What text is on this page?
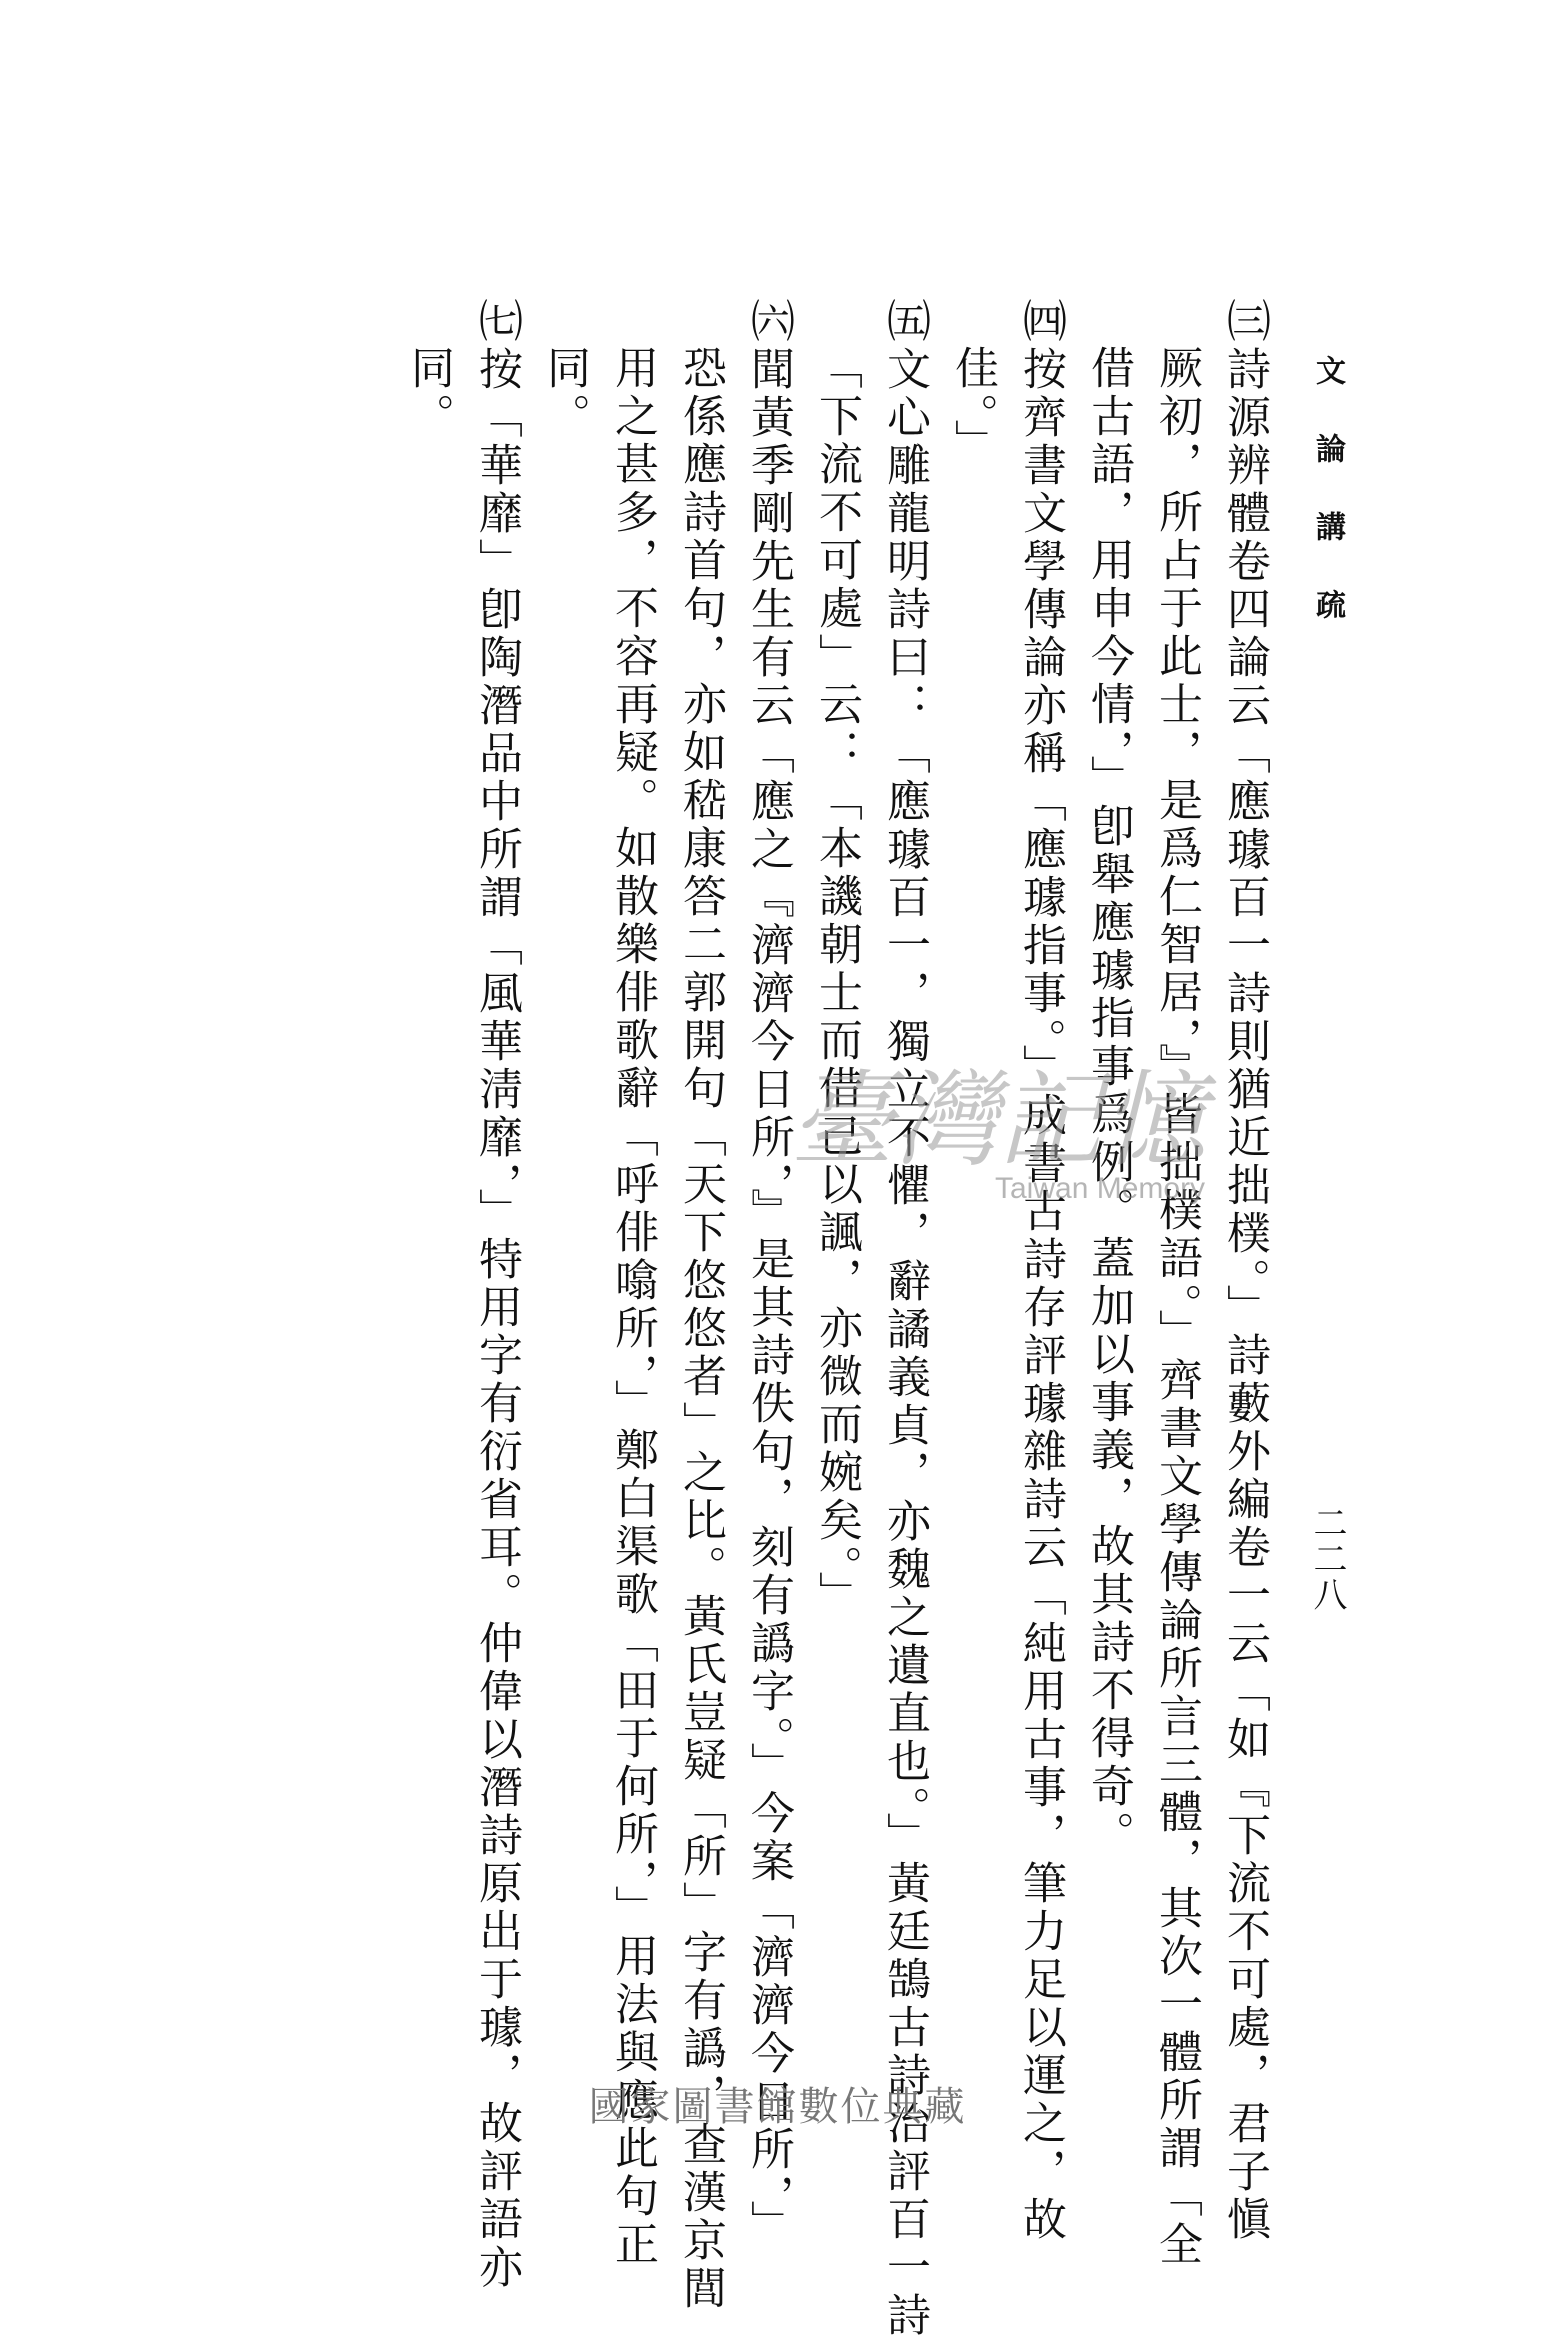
文論講疏
二二八
㈢詩源辨體卷四論云「應璩百一詩則猶近拙樸。」詩藪外編卷一云「如『下流不可處，君子愼
厥初，所占于此士，是爲仁智居，』皆拙樸語。」齊書文學傳論所言三體，其次一體所謂「全
借古語，用申今情，」卽舉應璩指事爲例。蓋加以事義，故其詩不得奇。
㈣按齊書文學傳論亦稱「應璩指事。」成書古詩存評璩雜詩云「純用古事，筆力足以運之，故
佳。」
㈤文心雕龍明詩曰：「應璩百一，獨立不懼，辭譎義貞，亦魏之遺直也。」黃廷鵠古詩治評百一詩
「下流不可處」云：「本譏朝士而借己以諷，亦微而婉矣。」
㈥聞黃季剛先生有云「應之『濟濟今日所，』是其詩佚句，刻有譌字。」今案「濟濟今日所，」
恐係應詩首句，亦如嵇康答二郭開句「天下悠悠者」之比。黃氏豈疑「所」字有譌，查漢京閭
用之甚多，不容再疑。如散樂俳歌辭「呼俳噏所，」鄭白渠歌「田于何所，」用法與應此句正
同。
㈦按「華靡」卽陶潛品中所謂「風華淸靡，」特用字有衍省耳。仲偉以潛詩原出于璩，故評語亦
同。
臺灣記憶
Taiwan Memory
國家圖書館數位典藏
